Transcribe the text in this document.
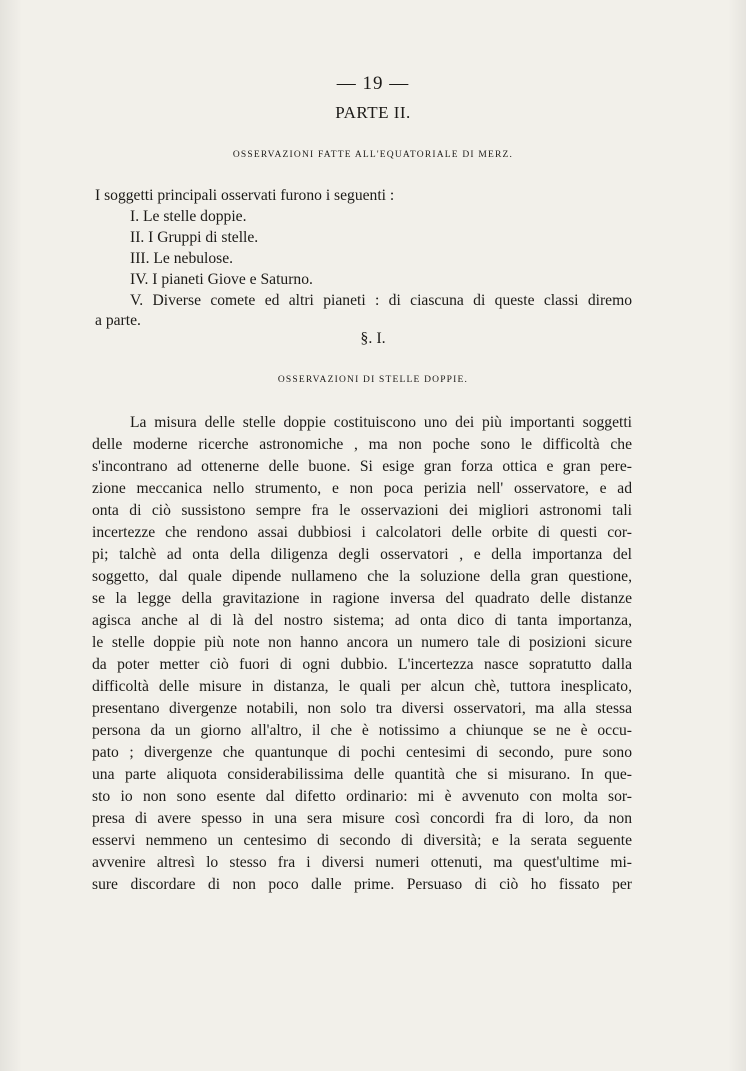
— 19 —
PARTE II.
OSSERVAZIONI FATTE ALL'EQUATORIALE DI MERZ.
I soggetti principali osservati furono i seguenti :
I. Le stelle doppie.
II. I Gruppi di stelle.
III. Le nebulose.
IV. I pianeti Giove e Saturno.
V. Diverse comete ed altri pianeti : di ciascuna di queste classi diremo
a parte.
§. I.
OSSERVAZIONI DI STELLE DOPPIE.
La misura delle stelle doppie costituiscono uno dei più importanti soggetti
delle moderne ricerche astronomiche , ma non poche sono le difficoltà che
s'incontrano ad ottenerne delle buone. Si esige gran forza ottica e gran pere-
zione meccanica nello strumento, e non poca perizia nell' osservatore, e ad
onta di ciò sussistono sempre fra le osservazioni dei migliori astronomi tali
incertezze che rendono assai dubbiosi i calcolatori delle orbite di questi cor-
pi; talchè ad onta della diligenza degli osservatori , e della importanza del
soggetto, dal quale dipende nullameno che la soluzione della gran questione,
se la legge della gravitazione in ragione inversa del quadrato delle distanze
agisca anche al di là del nostro sistema; ad onta dico di tanta importanza,
le stelle doppie più note non hanno ancora un numero tale di posizioni sicure
da poter metter ciò fuori di ogni dubbio. L'incertezza nasce sopratutto dalla
difficoltà delle misure in distanza, le quali per alcun chè, tuttora inesplicato,
presentano divergenze notabili, non solo tra diversi osservatori, ma alla stessa
persona da un giorno all'altro, il che è notissimo a chiunque se ne è occu-
pato ; divergenze che quantunque di pochi centesimi di secondo, pure sono
una parte aliquota considerabilissima delle quantità che si misurano. In que-
sto io non sono esente dal difetto ordinario: mi è avvenuto con molta sor-
presa di avere spesso in una sera misure così concordi fra di loro, da non
esservi nemmeno un centesimo di secondo di diversità; e la serata seguente
avvenire altresì lo stesso fra i diversi numeri ottenuti, ma quest'ultime mi-
sure discordare di non poco dalle prime. Persuaso di ciò ho fissato per
